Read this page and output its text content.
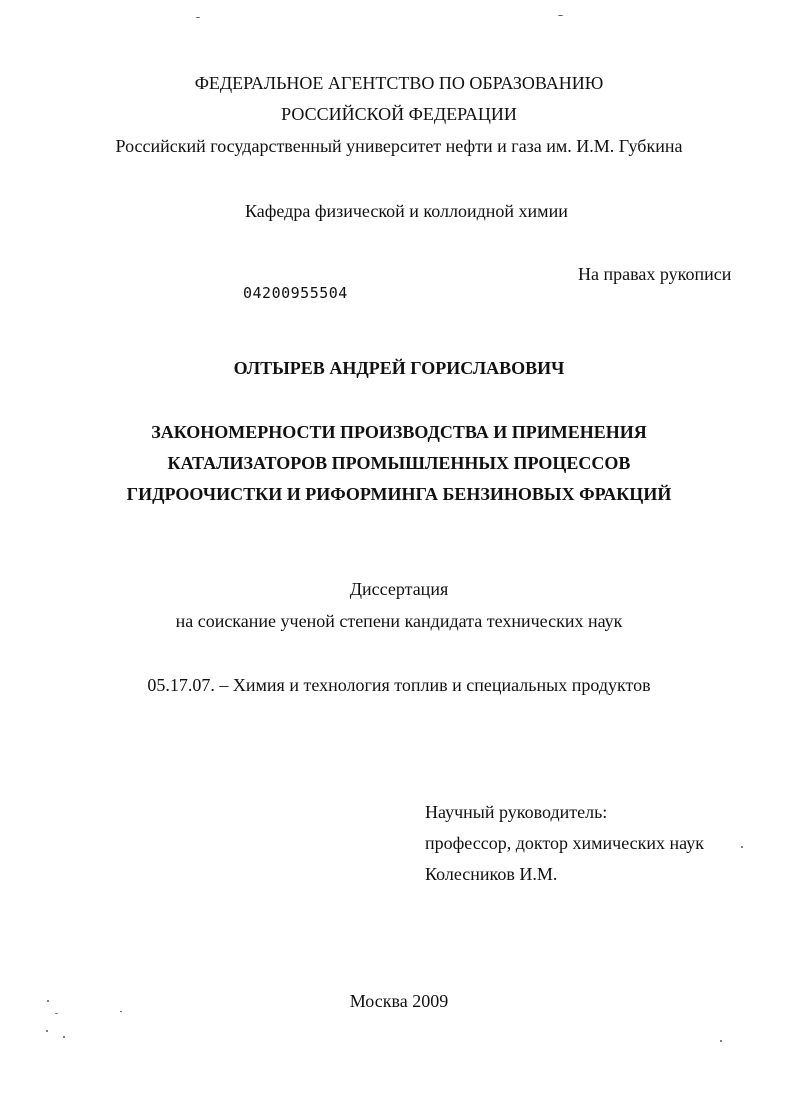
ФЕДЕРАЛЬНОЕ АГЕНТСТВО ПО ОБРАЗОВАНИЮ
РОССИЙСКОЙ ФЕДЕРАЦИИ
Российский государственный университет нефти и газа им. И.М. Губкина
Кафедра физической и коллоидной химии
На правах рукописи
04200955504
ОЛТЫРЕВ АНДРЕЙ ГОРИСЛАВОВИЧ
ЗАКОНОМЕРНОСТИ ПРОИЗВОДСТВА И ПРИМЕНЕНИЯ
КАТАЛИЗАТОРОВ ПРОМЫШЛЕННЫХ ПРОЦЕССОВ
ГИДРООЧИСТКИ И РИФОРМИНГА БЕНЗИНОВЫХ ФРАКЦИЙ
Диссертация
на соискание ученой степени кандидата технических наук
05.17.07. – Химия и технология топлив и специальных продуктов
Научный руководитель:
профессор, доктор химических наук
Колесников И.М.
Москва 2009
